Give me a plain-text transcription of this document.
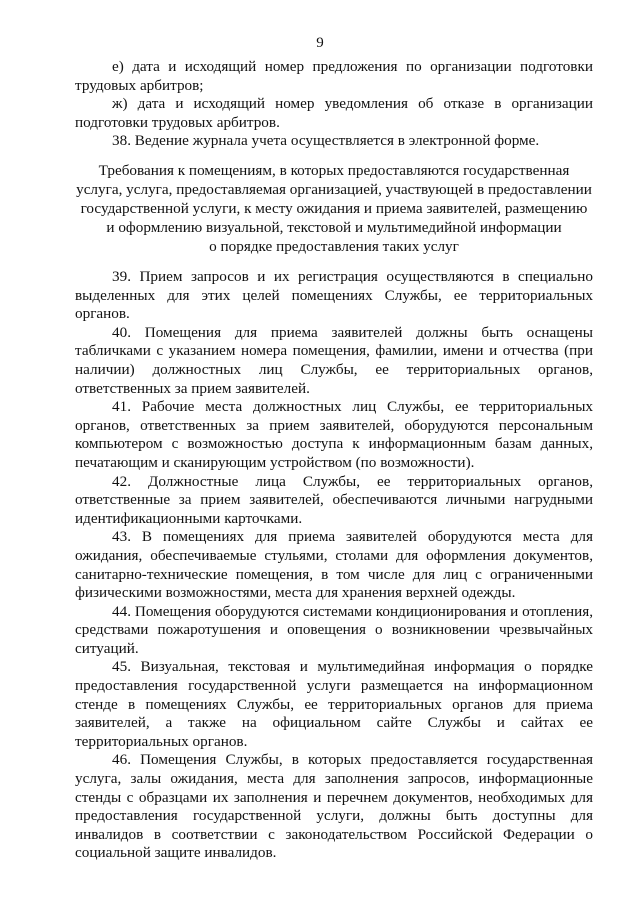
9

е) дата и исходящий номер предложения по организации подготовки трудовых арбитров;

ж) дата и исходящий номер уведомления об отказе в организации подготовки трудовых арбитров.

38. Ведение журнала учета осуществляется в электронной форме.

Требования к помещениям, в которых предоставляются государственная
услуга, услуга, предоставляемая организацией, участвующей в предоставлении
государственной услуги, к месту ожидания и приема заявителей, размещению
и оформлению визуальной, текстовой и мультимедийной информации
о порядке предоставления таких услуг

39. Прием запросов и их регистрация осуществляются в специально выделенных для этих целей помещениях Службы, ее территориальных органов.

40. Помещения для приема заявителей должны быть оснащены табличками с указанием номера помещения, фамилии, имени и отчества (при наличии) должностных лиц Службы, ее территориальных органов, ответственных за прием заявителей.

41. Рабочие места должностных лиц Службы, ее территориальных органов, ответственных за прием заявителей, оборудуются персональным компьютером с возможностью доступа к информационным базам данных, печатающим и сканирующим устройством (по возможности).

42. Должностные лица Службы, ее территориальных органов, ответственные за прием заявителей, обеспечиваются личными нагрудными идентификационными карточками.

43. В помещениях для приема заявителей оборудуются места для ожидания, обеспечиваемые стульями, столами для оформления документов, санитарно-технические помещения, в том числе для лиц с ограниченными физическими возможностями, места для хранения верхней одежды.

44. Помещения оборудуются системами кондиционирования и отопления, средствами пожаротушения и оповещения о возникновении чрезвычайных ситуаций.

45. Визуальная, текстовая и мультимедийная информация о порядке предоставления государственной услуги размещается на информационном стенде в помещениях Службы, ее территориальных органов для приема заявителей, а также на официальном сайте Службы и сайтах ее территориальных органов.

46. Помещения Службы, в которых предоставляется государственная услуга, залы ожидания, места для заполнения запросов, информационные стенды с образцами их заполнения и перечнем документов, необходимых для предоставления государственной услуги, должны быть доступны для инвалидов в соответствии с законодательством Российской Федерации о социальной защите инвалидов.
